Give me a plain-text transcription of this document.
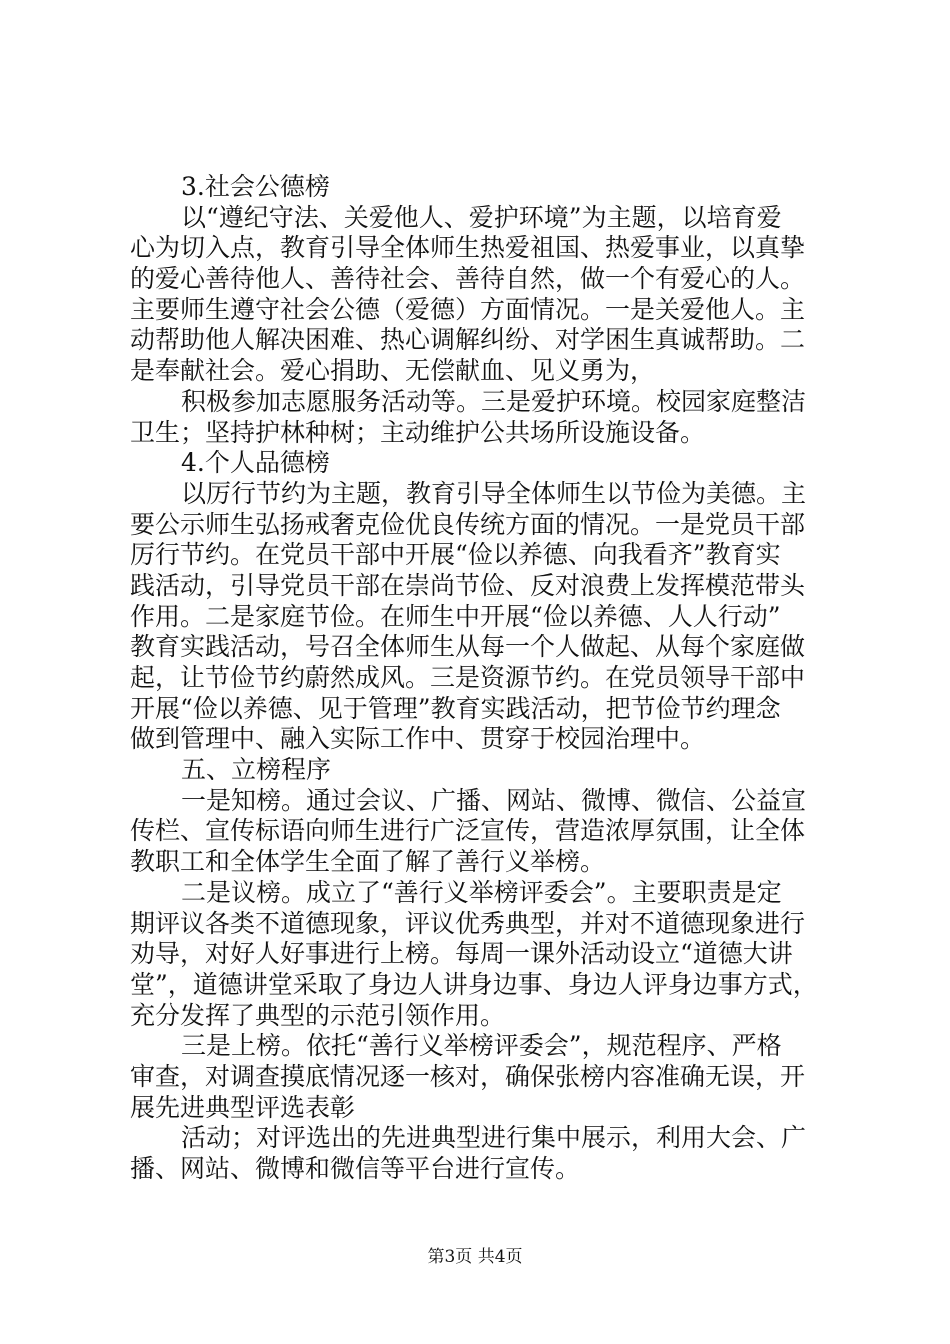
3.社会公德榜
以“遵纪守法、关爱他人、爱护环境”为主题，以培育爱
心为切入点，教育引导全体师生热爱祖国、热爱事业，以真挚
的爱心善待他人、善待社会、善待自然，做一个有爱心的人。
主要师生遵守社会公德（爱德）方面情况。一是关爱他人。主
动帮助他人解决困难、热心调解纠纷、对学困生真诚帮助。二
是奉献社会。爱心捐助、无偿献血、见义勇为，
积极参加志愿服务活动等。三是爱护环境。校园家庭整洁
卫生；坚持护林种树；主动维护公共场所设施设备。
4.个人品德榜
以厉行节约为主题，教育引导全体师生以节俭为美德。主
要公示师生弘扬戒奢克俭优良传统方面的情况。一是党员干部
厉行节约。在党员干部中开展“俭以养德、向我看齐”教育实
践活动，引导党员干部在崇尚节俭、反对浪费上发挥模范带头
作用。二是家庭节俭。在师生中开展“俭以养德、人人行动”
教育实践活动，号召全体师生从每一个人做起、从每个家庭做
起，让节俭节约蔚然成风。三是资源节约。在党员领导干部中
开展“俭以养德、见于管理”教育实践活动，把节俭节约理念
做到管理中、融入实际工作中、贯穿于校园治理中。
五、立榜程序
一是知榜。通过会议、广播、网站、微博、微信、公益宣
传栏、宣传标语向师生进行广泛宣传，营造浓厚氛围，让全体
教职工和全体学生全面了解了善行义举榜。
二是议榜。成立了“善行义举榜评委会”。主要职责是定
期评议各类不道德现象，评议优秀典型，并对不道德现象进行
劝导，对好人好事进行上榜。每周一课外活动设立“道德大讲
堂”，道德讲堂采取了身边人讲身边事、身边人评身边事方式，
充分发挥了典型的示范引领作用。
三是上榜。依托“善行义举榜评委会”，规范程序、严格
审查，对调查摸底情况逐一核对，确保张榜内容准确无误，开
展先进典型评选表彰
活动；对评选出的先进典型进行集中展示，利用大会、广
播、网站、微博和微信等平台进行宣传。
第3页 共4页
